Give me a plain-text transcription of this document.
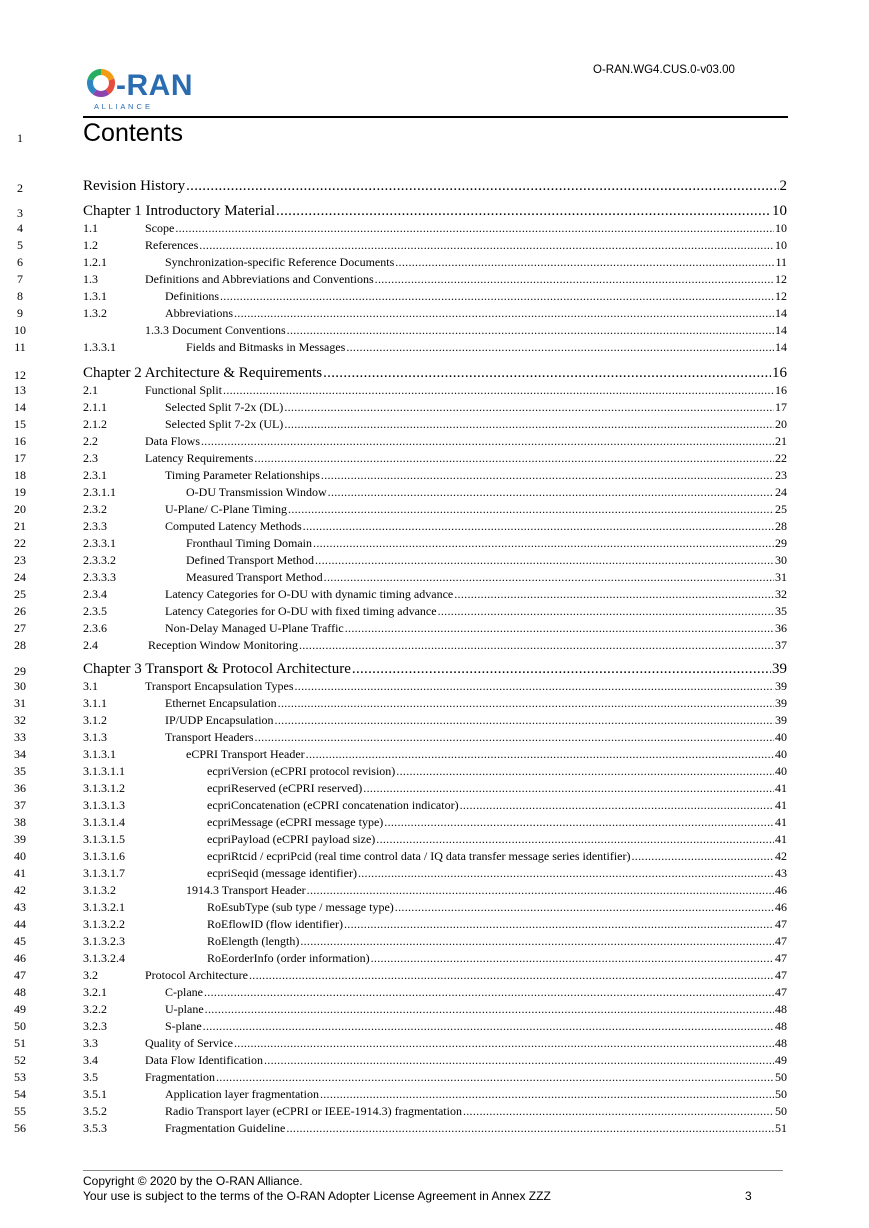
O-RAN.WG4.CUS.0-v03.00
-RAN
A L L I A N C E
1	Contents
2	Revision History .....	2
3	Chapter 1 Introductory Material .....	10
4	1.1	Scope .....	10
5	1.2	References .....	10
6	1.2.1	Synchronization-specific Reference Documents .....	11
7	1.3	Definitions and Abbreviations and Conventions .....	12
8	1.3.1	Definitions .....	12
9	1.3.2	Abbreviations .....	14
10	1.3.3 Document Conventions .....	14
11	1.3.3.1	Fields and Bitmasks in Messages .....	14
12	Chapter 2 Architecture & Requirements .....	16
13	2.1	Functional Split .....	16
14	2.1.1	Selected Split 7-2x (DL) .....	17
15	2.1.2	Selected Split 7-2x (UL) .....	20
16	2.2	Data Flows .....	21
17	2.3	Latency Requirements .....	22
18	2.3.1	Timing Parameter Relationships .....	23
19	2.3.1.1	O-DU Transmission Window .....	24
20	2.3.2	U-Plane/ C-Plane Timing .....	25
21	2.3.3	Computed Latency Methods .....	28
22	2.3.3.1	Fronthaul Timing Domain .....	29
23	2.3.3.2	Defined Transport Method .....	30
24	2.3.3.3	Measured Transport Method .....	31
25	2.3.4	Latency Categories for O-DU with dynamic timing advance .....	32
26	2.3.5	Latency Categories for O-DU with fixed timing advance .....	35
27	2.3.6	Non-Delay Managed U-Plane Traffic .....	36
28	2.4	Reception Window Monitoring .....	37
29	Chapter 3 Transport & Protocol Architecture .....	39
30	3.1	Transport Encapsulation Types .....	39
31	3.1.1	Ethernet Encapsulation .....	39
32	3.1.2	IP/UDP Encapsulation .....	39
33	3.1.3	Transport Headers .....	40
34	3.1.3.1	eCPRI Transport Header .....	40
35	3.1.3.1.1	ecpriVersion (eCPRI protocol revision) .....	40
36	3.1.3.1.2	ecpriReserved (eCPRI reserved) .....	41
37	3.1.3.1.3	ecpriConcatenation (eCPRI concatenation indicator) .....	41
38	3.1.3.1.4	ecpriMessage (eCPRI message type) .....	41
39	3.1.3.1.5	ecpriPayload (eCPRI payload size) .....	41
40	3.1.3.1.6	ecpriRtcid / ecpriPcid (real time control data / IQ data transfer message series identifier) .....	42
41	3.1.3.1.7	ecpriSeqid (message identifier) .....	43
42	3.1.3.2	1914.3 Transport Header .....	46
43	3.1.3.2.1	RoEsubType (sub type / message type) .....	46
44	3.1.3.2.2	RoEflowID (flow identifier) .....	47
45	3.1.3.2.3	RoElength (length) .....	47
46	3.1.3.2.4	RoEorderInfo (order information) .....	47
47	3.2	Protocol Architecture .....	47
48	3.2.1	C-plane .....	47
49	3.2.2	U-plane .....	48
50	3.2.3	S-plane .....	48
51	3.3	Quality of Service .....	48
52	3.4	Data Flow Identification .....	49
53	3.5	Fragmentation .....	50
54	3.5.1	Application layer fragmentation .....	50
55	3.5.2	Radio Transport layer (eCPRI or IEEE-1914.3) fragmentation .....	50
56	3.5.3	Fragmentation Guideline .....	51
Copyright © 2020 by the O-RAN Alliance.
Your use is subject to the terms of the O-RAN Adopter License Agreement in Annex ZZZ	3
